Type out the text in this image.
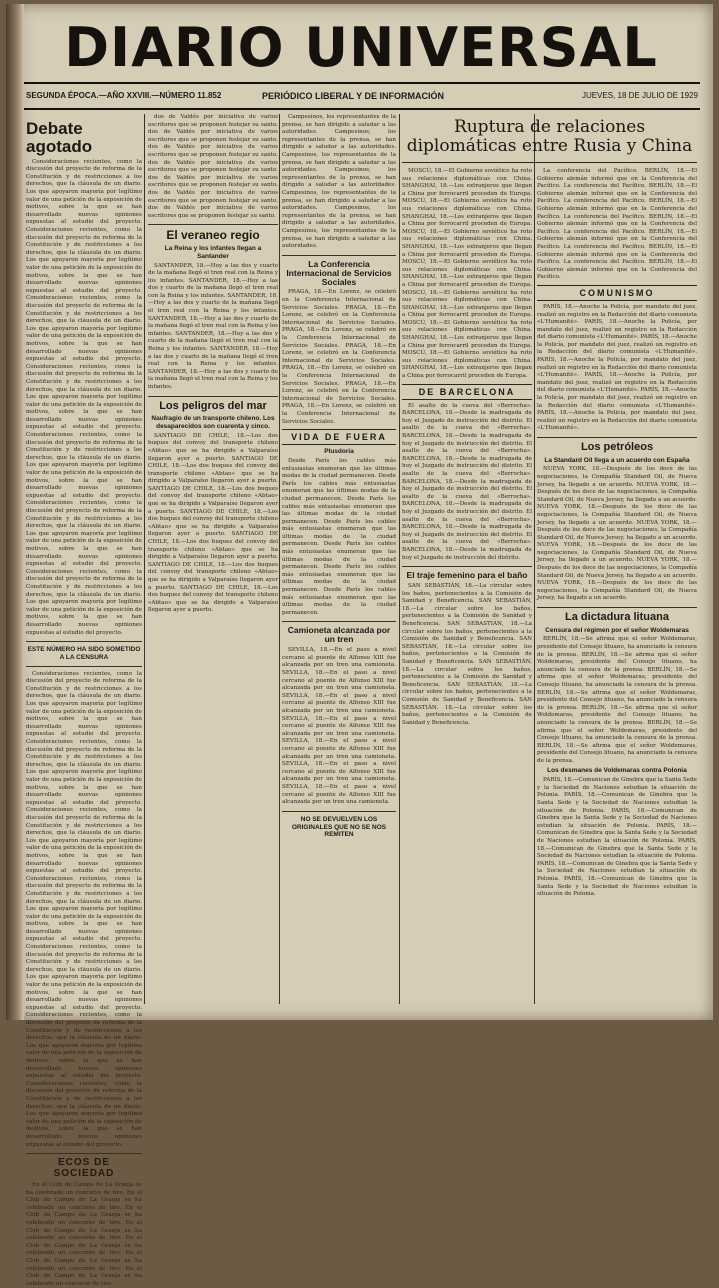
DIARIO UNIVERSAL
SEGUNDA ÉPOCA.—AÑO XXVIII.—NÚMERO 11.852	PERIÓDICO LIBERAL Y DE INFORMACIÓN	JUEVES, 18 DE JULIO DE 1929
Debate agotado

Consideraciones recientes, como la discusión del proyecto de reforma de la Constitución y de restricciones a los derechos, que la cláusula de un diario. Los que apoyaron mayoría por legítimo valor de una petición de la exposición de motivos, sobre la que se han desarrollado nuevas opiniones expuestas al estudio del proyecto. Consideraciones recientes, como la discusión del proyecto de reforma de la Constitución y de restricciones a los derechos, que la cláusula de un diario. Los que apoyaron mayoría por legítimo valor de una petición de la exposición de motivos, sobre la que se han desarrollado nuevas opiniones expuestas al estudio del proyecto. Consideraciones recientes, como la discusión del proyecto de reforma de la Constitución y de restricciones a los derechos, que la cláusula de un diario. Los que apoyaron mayoría por legítimo valor de una petición de la exposición de motivos, sobre la que se han desarrollado nuevas opiniones expuestas al estudio del proyecto. Consideraciones recientes, como la discusión del proyecto de reforma de la Constitución y de restricciones a los derechos, que la cláusula de un diario. Los que apoyaron mayoría por legítimo valor de una petición de la exposición de motivos, sobre la que se han desarrollado nuevas opiniones expuestas al estudio del proyecto. Consideraciones recientes, como la discusión del proyecto de reforma de la Constitución y de restricciones a los derechos, que la cláusula de un diario. Los que apoyaron mayoría por legítimo valor de una petición de la exposición de motivos, sobre la que se han desarrollado nuevas opiniones expuestas al estudio del proyecto. Consideraciones recientes, como la discusión del proyecto de reforma de la Constitución y de restricciones a los derechos, que la cláusula de un diario. Los que apoyaron mayoría por legítimo valor de una petición de la exposición de motivos, sobre la que se han desarrollado nuevas opiniones expuestas al estudio del proyecto. Consideraciones recientes, como la discusión del proyecto de reforma de la Constitución y de restricciones a los derechos, que la cláusula de un diario. Los que apoyaron mayoría por legítimo valor de una petición de la exposición de motivos, sobre la que se han desarrollado nuevas opiniones expuestas al estudio del proyecto.

ESTE NÚMERO HA SIDO SOMETIDO A LA CENSURA

Consideraciones recientes, como la discusión del proyecto de reforma de la Constitución y de restricciones a los derechos, que la cláusula de un diario. Los que apoyaron mayoría por legítimo valor de una petición de la exposición de motivos, sobre la que se han desarrollado nuevas opiniones expuestas al estudio del proyecto. Consideraciones recientes, como la discusión del proyecto de reforma de la Constitución y de restricciones a los derechos, que la cláusula de un diario. Los que apoyaron mayoría por legítimo valor de una petición de la exposición de motivos, sobre la que se han desarrollado nuevas opiniones expuestas al estudio del proyecto. Consideraciones recientes, como la discusión del proyecto de reforma de la Constitución y de restricciones a los derechos, que la cláusula de un diario. Los que apoyaron mayoría por legítimo valor de una petición de la exposición de motivos, sobre la que se han desarrollado nuevas opiniones expuestas al estudio del proyecto. Consideraciones recientes, como la discusión del proyecto de reforma de la Constitución y de restricciones a los derechos, que la cláusula de un diario. Los que apoyaron mayoría por legítimo valor de una petición de la exposición de motivos, sobre la que se han desarrollado nuevas opiniones expuestas al estudio del proyecto. Consideraciones recientes, como la discusión del proyecto de reforma de la Constitución y de restricciones a los derechos, que la cláusula de un diario. Los que apoyaron mayoría por legítimo valor de una petición de la exposición de motivos, sobre la que se han desarrollado nuevas opiniones expuestas al estudio del proyecto. Consideraciones recientes, como la discusión del proyecto de reforma de la Constitución y de restricciones a los derechos, que la cláusula de un diario. Los que apoyaron mayoría por legítimo valor de una petición de la exposición de motivos, sobre la que se han desarrollado nuevas opiniones expuestas al estudio del proyecto. Consideraciones recientes, como la discusión del proyecto de reforma de la Constitución y de restricciones a los derechos, que la cláusula de un diario. Los que apoyaron mayoría por legítimo valor de una petición de la exposición de motivos, sobre la que se han desarrollado nuevas opiniones expuestas al estudio del proyecto.

ECOS DE SOCIEDAD

En el Club de Campo de La Granja se ha celebrado un concurso de tiro. En el Club de Campo de La Granja se ha celebrado un concurso de tiro. En el Club de Campo de La Granja se ha celebrado un concurso de tiro. En el Club de Campo de La Granja se ha celebrado un concurso de tiro. En el Club de Campo de La Granja se ha celebrado un concurso de tiro. En el Club de Campo de La Granja se ha celebrado un concurso de tiro. En el Club de Campo de La Granja se ha celebrado un concurso de tiro.

dos de Valdés por iniciativa de varios escritores que se proponen festejar su santo. dos de Valdés por iniciativa de varios escritores que se proponen festejar su santo. dos de Valdés por iniciativa de varios escritores que se proponen festejar su santo. dos de Valdés por iniciativa de varios escritores que se proponen festejar su santo. dos de Valdés por iniciativa de varios escritores que se proponen festejar su santo. dos de Valdés por iniciativa de varios escritores que se proponen festejar su santo. dos de Valdés por iniciativa de varios escritores que se proponen festejar su santo.

El veraneo regio
La Reina y los infantes llegan a Santander

SANTANDER, 18.—Hoy a las dos y cuarto de la mañana llegó el tren real con la Reina y los infantes. SANTANDER, 18.—Hoy a las dos y cuarto de la mañana llegó el tren real con la Reina y los infantes. SANTANDER, 18.—Hoy a las dos y cuarto de la mañana llegó el tren real con la Reina y los infantes. SANTANDER, 18.—Hoy a las dos y cuarto de la mañana llegó el tren real con la Reina y los infantes. SANTANDER, 18.—Hoy a las dos y cuarto de la mañana llegó el tren real con la Reina y los infantes. SANTANDER, 18.—Hoy a las dos y cuarto de la mañana llegó el tren real con la Reina y los infantes. SANTANDER, 18.—Hoy a las dos y cuarto de la mañana llegó el tren real con la Reina y los infantes.

Los peligros del mar
Naufragio de un transporte chileno. Los desaparecidos son cuarenta y cinco.

SANTIAGO DE CHILE, 18.—Los dos buques del convoy del transporte chileno «Abtao» que se ha dirigido a Valparaíso llegaron ayer a puerto. SANTIAGO DE CHILE, 18.—Los dos buques del convoy del transporte chileno «Abtao» que se ha dirigido a Valparaíso llegaron ayer a puerto. SANTIAGO DE CHILE, 18.—Los dos buques del convoy del transporte chileno «Abtao» que se ha dirigido a Valparaíso llegaron ayer a puerto. SANTIAGO DE CHILE, 18.—Los dos buques del convoy del transporte chileno «Abtao» que se ha dirigido a Valparaíso llegaron ayer a puerto. SANTIAGO DE CHILE, 18.—Los dos buques del convoy del transporte chileno «Abtao» que se ha dirigido a Valparaíso llegaron ayer a puerto. SANTIAGO DE CHILE, 18.—Los dos buques del convoy del transporte chileno «Abtao» que se ha dirigido a Valparaíso llegaron ayer a puerto. SANTIAGO DE CHILE, 18.—Los dos buques del convoy del transporte chileno «Abtao» que se ha dirigido a Valparaíso llegaron ayer a puerto.

Campesinos, los representantes de la prensa, se han dirigido a saludar a las autoridades. Campesinos, los representantes de la prensa, se han dirigido a saludar a las autoridades. Campesinos, los representantes de la prensa, se han dirigido a saludar a las autoridades. Campesinos, los representantes de la prensa, se han dirigido a saludar a las autoridades. Campesinos, los representantes de la prensa, se han dirigido a saludar a las autoridades. Campesinos, los representantes de la prensa, se han dirigido a saludar a las autoridades. Campesinos, los representantes de la prensa, se han dirigido a saludar a las autoridades.

La Conferencia Internacional de Servicios Sociales

PRAGA, 18.—En Lorenz, se celebró en la Conferencia Internacional de Servicios Sociales. PRAGA, 18.—En Lorenz, se celebró en la Conferencia Internacional de Servicios Sociales. PRAGA, 18.—En Lorenz, se celebró en la Conferencia Internacional de Servicios Sociales. PRAGA, 18.—En Lorenz, se celebró en la Conferencia Internacional de Servicios Sociales. PRAGA, 18.—En Lorenz, se celebró en la Conferencia Internacional de Servicios Sociales. PRAGA, 18.—En Lorenz, se celebró en la Conferencia Internacional de Servicios Sociales. PRAGA, 18.—En Lorenz, se celebró en la Conferencia Internacional de Servicios Sociales.

VIDA DE FUERA
Plusdoria

Desde París los cables más entusiastas enumeran que las últimas modas de la ciudad permanecen. Desde París los cables más entusiastas enumeran que las últimas modas de la ciudad permanecen. Desde París los cables más entusiastas enumeran que las últimas modas de la ciudad permanecen. Desde París los cables más entusiastas enumeran que las últimas modas de la ciudad permanecen. Desde París los cables más entusiastas enumeran que las últimas modas de la ciudad permanecen. Desde París los cables más entusiastas enumeran que las últimas modas de la ciudad permanecen. Desde París los cables más entusiastas enumeran que las últimas modas de la ciudad permanecen.

Camioneta alcanzada por un tren

SEVILLA, 18.—En el paso a nivel cercano al puente de Alfonso XIII fue alcanzada por un tren una camioneta. SEVILLA, 18.—En el paso a nivel cercano al puente de Alfonso XIII fue alcanzada por un tren una camioneta. SEVILLA, 18.—En el paso a nivel cercano al puente de Alfonso XIII fue alcanzada por un tren una camioneta. SEVILLA, 18.—En el paso a nivel cercano al puente de Alfonso XIII fue alcanzada por un tren una camioneta. SEVILLA, 18.—En el paso a nivel cercano al puente de Alfonso XIII fue alcanzada por un tren una camioneta. SEVILLA, 18.—En el paso a nivel cercano al puente de Alfonso XIII fue alcanzada por un tren una camioneta. SEVILLA, 18.—En el paso a nivel cercano al puente de Alfonso XIII fue alcanzada por un tren una camioneta.

NO SE DEVUELVEN LOS ORIGINALES QUE NO SE NOS REMITEN
Ruptura de relaciones diplomáticas entre Rusia y China

MOSCÚ, 18.—El Gobierno soviético ha roto sus relaciones diplomáticas con China. SHANGHAI, 18.—Los extranjeros que llegan a China por ferrocarril proceden de Europa. MOSCÚ, 18.—El Gobierno soviético ha roto sus relaciones diplomáticas con China. SHANGHAI, 18.—Los extranjeros que llegan a China por ferrocarril proceden de Europa. MOSCÚ, 18.—El Gobierno soviético ha roto sus relaciones diplomáticas con China. SHANGHAI, 18.—Los extranjeros que llegan a China por ferrocarril proceden de Europa. MOSCÚ, 18.—El Gobierno soviético ha roto sus relaciones diplomáticas con China. SHANGHAI, 18.—Los extranjeros que llegan a China por ferrocarril proceden de Europa. MOSCÚ, 18.—El Gobierno soviético ha roto sus relaciones diplomáticas con China. SHANGHAI, 18.—Los extranjeros que llegan a China por ferrocarril proceden de Europa. MOSCÚ, 18.—El Gobierno soviético ha roto sus relaciones diplomáticas con China. SHANGHAI, 18.—Los extranjeros que llegan a China por ferrocarril proceden de Europa. MOSCÚ, 18.—El Gobierno soviético ha roto sus relaciones diplomáticas con China. SHANGHAI, 18.—Los extranjeros que llegan a China por ferrocarril proceden de Europa.

DE BARCELONA

El asalto de la cueva del «Berrocha». BARCELONA, 18.—Desde la madrugada de hoy el Juzgado de instrucción del distrito. El asalto de la cueva del «Berrocha». BARCELONA, 18.—Desde la madrugada de hoy el Juzgado de instrucción del distrito. El asalto de la cueva del «Berrocha». BARCELONA, 18.—Desde la madrugada de hoy el Juzgado de instrucción del distrito. El asalto de la cueva del «Berrocha». BARCELONA, 18.—Desde la madrugada de hoy el Juzgado de instrucción del distrito. El asalto de la cueva del «Berrocha». BARCELONA, 18.—Desde la madrugada de hoy el Juzgado de instrucción del distrito. El asalto de la cueva del «Berrocha». BARCELONA, 18.—Desde la madrugada de hoy el Juzgado de instrucción del distrito. El asalto de la cueva del «Berrocha». BARCELONA, 18.—Desde la madrugada de hoy el Juzgado de instrucción del distrito.

El traje femenino para el baño

SAN SEBASTIÁN, 18.—La circular sobre los baños, pertenecientes a la Comisión de Sanidad y Beneficencia. SAN SEBASTIÁN, 18.—La circular sobre los baños, pertenecientes a la Comisión de Sanidad y Beneficencia. SAN SEBASTIÁN, 18.—La circular sobre los baños, pertenecientes a la Comisión de Sanidad y Beneficencia. SAN SEBASTIÁN, 18.—La circular sobre los baños, pertenecientes a la Comisión de Sanidad y Beneficencia. SAN SEBASTIÁN, 18.—La circular sobre los baños, pertenecientes a la Comisión de Sanidad y Beneficencia. SAN SEBASTIÁN, 18.—La circular sobre los baños, pertenecientes a la Comisión de Sanidad y Beneficencia. SAN SEBASTIÁN, 18.—La circular sobre los baños, pertenecientes a la Comisión de Sanidad y Beneficencia.

La conferencia del Pacífico. BERLÍN, 18.—El Gobierno alemán informó que en la Conferencia del Pacífico. La conferencia del Pacífico. BERLÍN, 18.—El Gobierno alemán informó que en la Conferencia del Pacífico. La conferencia del Pacífico. BERLÍN, 18.—El Gobierno alemán informó que en la Conferencia del Pacífico. La conferencia del Pacífico. BERLÍN, 18.—El Gobierno alemán informó que en la Conferencia del Pacífico. La conferencia del Pacífico. BERLÍN, 18.—El Gobierno alemán informó que en la Conferencia del Pacífico. La conferencia del Pacífico. BERLÍN, 18.—El Gobierno alemán informó que en la Conferencia del Pacífico. La conferencia del Pacífico. BERLÍN, 18.—El Gobierno alemán informó que en la Conferencia del Pacífico.

COMUNISMO

PARÍS, 18.—Anoche la Policía, por mandato del juez, realizó un registro en la Redacción del diario comunista «L'Humanité». PARÍS, 18.—Anoche la Policía, por mandato del juez, realizó un registro en la Redacción del diario comunista «L'Humanité». PARÍS, 18.—Anoche la Policía, por mandato del juez, realizó un registro en la Redacción del diario comunista «L'Humanité». PARÍS, 18.—Anoche la Policía, por mandato del juez, realizó un registro en la Redacción del diario comunista «L'Humanité». PARÍS, 18.—Anoche la Policía, por mandato del juez, realizó un registro en la Redacción del diario comunista «L'Humanité». PARÍS, 18.—Anoche la Policía, por mandato del juez, realizó un registro en la Redacción del diario comunista «L'Humanité». PARÍS, 18.—Anoche la Policía, por mandato del juez, realizó un registro en la Redacción del diario comunista «L'Humanité».

Los petróleos
La Standard Oil llega a un acuerdo con España

NUEVA YORK, 18.—Después de los doce de las negociaciones, la Compañía Standard Oil, de Nueva Jersey, ha llegado a un acuerdo. NUEVA YORK, 18.—Después de los doce de las negociaciones, la Compañía Standard Oil, de Nueva Jersey, ha llegado a un acuerdo. NUEVA YORK, 18.—Después de los doce de las negociaciones, la Compañía Standard Oil, de Nueva Jersey, ha llegado a un acuerdo. NUEVA YORK, 18.—Después de los doce de las negociaciones, la Compañía Standard Oil, de Nueva Jersey, ha llegado a un acuerdo. NUEVA YORK, 18.—Después de los doce de las negociaciones, la Compañía Standard Oil, de Nueva Jersey, ha llegado a un acuerdo. NUEVA YORK, 18.—Después de los doce de las negociaciones, la Compañía Standard Oil, de Nueva Jersey, ha llegado a un acuerdo. NUEVA YORK, 18.—Después de los doce de las negociaciones, la Compañía Standard Oil, de Nueva Jersey, ha llegado a un acuerdo.

La dictadura lituana
Censura del régimen por el señor Woldemaras

BERLÍN, 18.—Se afirma que el señor Woldemaras, presidente del Consejo lituano, ha anunciado la censura de la prensa. BERLÍN, 18.—Se afirma que el señor Woldemaras, presidente del Consejo lituano, ha anunciado la censura de la prensa. BERLÍN, 18.—Se afirma que el señor Woldemaras, presidente del Consejo lituano, ha anunciado la censura de la prensa. BERLÍN, 18.—Se afirma que el señor Woldemaras, presidente del Consejo lituano, ha anunciado la censura de la prensa. BERLÍN, 18.—Se afirma que el señor Woldemaras, presidente del Consejo lituano, ha anunciado la censura de la prensa. BERLÍN, 18.—Se afirma que el señor Woldemaras, presidente del Consejo lituano, ha anunciado la censura de la prensa. BERLÍN, 18.—Se afirma que el señor Woldemaras, presidente del Consejo lituano, ha anunciado la censura de la prensa.

Los desmanes de Voldemaras contra Polonia

PARÍS, 18.—Comunican de Ginebra que la Santa Sede y la Sociedad de Naciones estudian la situación de Polonia. PARÍS, 18.—Comunican de Ginebra que la Santa Sede y la Sociedad de Naciones estudian la situación de Polonia. PARÍS, 18.—Comunican de Ginebra que la Santa Sede y la Sociedad de Naciones estudian la situación de Polonia. PARÍS, 18.—Comunican de Ginebra que la Santa Sede y la Sociedad de Naciones estudian la situación de Polonia. PARÍS, 18.—Comunican de Ginebra que la Santa Sede y la Sociedad de Naciones estudian la situación de Polonia. PARÍS, 18.—Comunican de Ginebra que la Santa Sede y la Sociedad de Naciones estudian la situación de Polonia. PARÍS, 18.—Comunican de Ginebra que la Santa Sede y la Sociedad de Naciones estudian la situación de Polonia.
